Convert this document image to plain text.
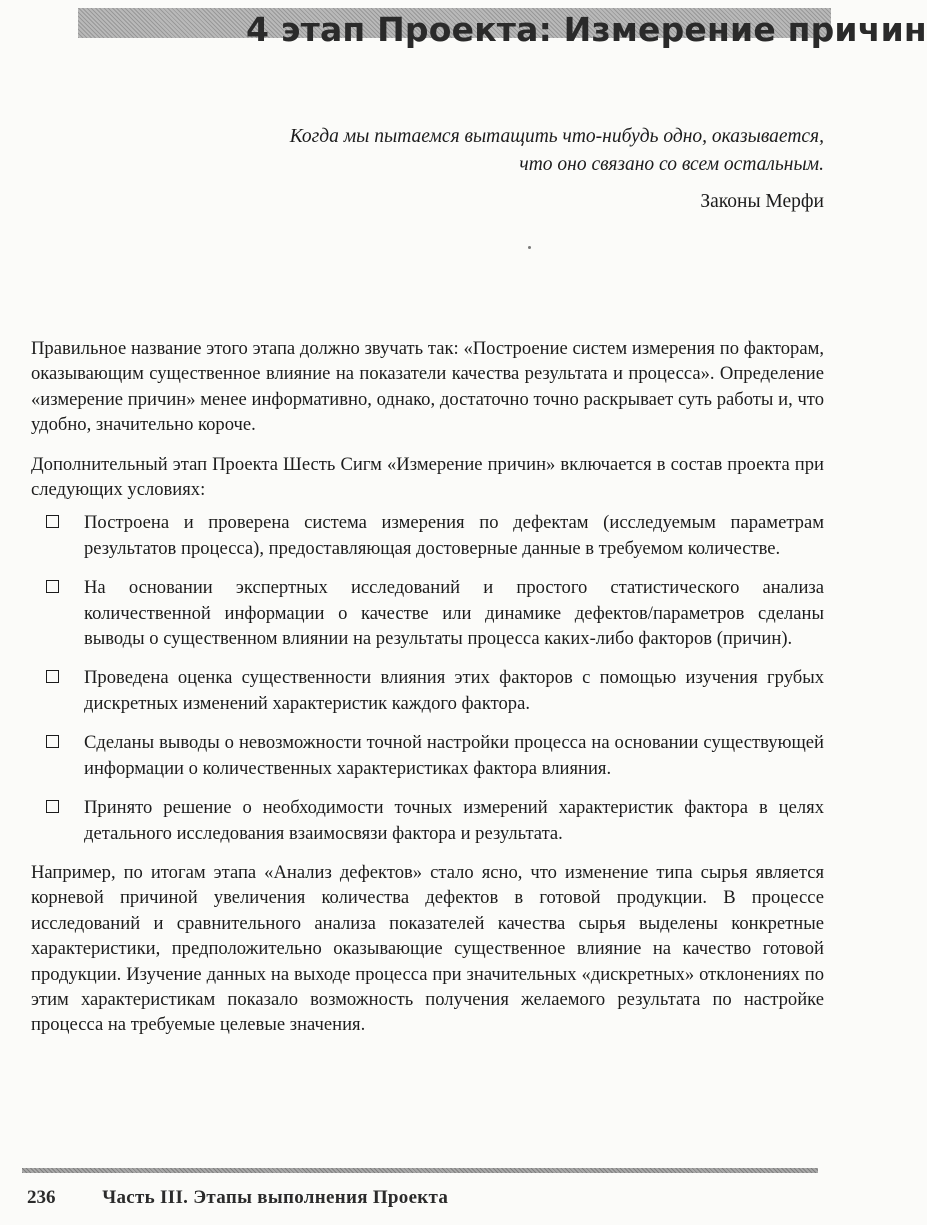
4 этап Проекта: Измерение причин
Когда мы пытаемся вытащить что-нибудь одно, оказывается,
что оно связано со всем остальным.
Законы Мерфи

Правильное название этого этапа должно звучать так: «Построение систем измерения по факторам, оказывающим существенное влияние на показатели качества результата и процесса». Определение «измерение причин» менее информативно, однако, достаточно точно раскрывает суть работы и, что удобно, значительно короче.

Дополнительный этап Проекта Шесть Сигм «Измерение причин» включается в состав проекта при следующих условиях:

Построена и проверена система измерения по дефектам (исследуемым параметрам результатов процесса), предоставляющая достоверные данные в требуемом количестве.
На основании экспертных исследований и простого статистического анализа количественной информации о качестве или динамике дефектов/параметров сделаны выводы о существенном влиянии на результаты процесса каких-либо факторов (причин).
Проведена оценка существенности влияния этих факторов с помощью изучения грубых дискретных изменений характеристик каждого фактора.
Сделаны выводы о невозможности точной настройки процесса на основании существующей информации о количественных характеристиках фактора влияния.
Принято решение о необходимости точных измерений характеристик фактора в целях детального исследования взаимосвязи фактора и результата.

Например, по итогам этапа «Анализ дефектов» стало ясно, что изменение типа сырья является корневой причиной увеличения количества дефектов в готовой продукции. В процессе исследований и сравнительного анализа показателей качества сырья выделены конкретные характеристики, предположительно оказывающие существенное влияние на качество готовой продукции. Изучение данных на выходе процесса при значительных «дискретных» отклонениях по этим характеристикам показало возможность получения желаемого результата по настройке процесса на требуемые целевые значения.

236 Часть III. Этапы выполнения Проекта
